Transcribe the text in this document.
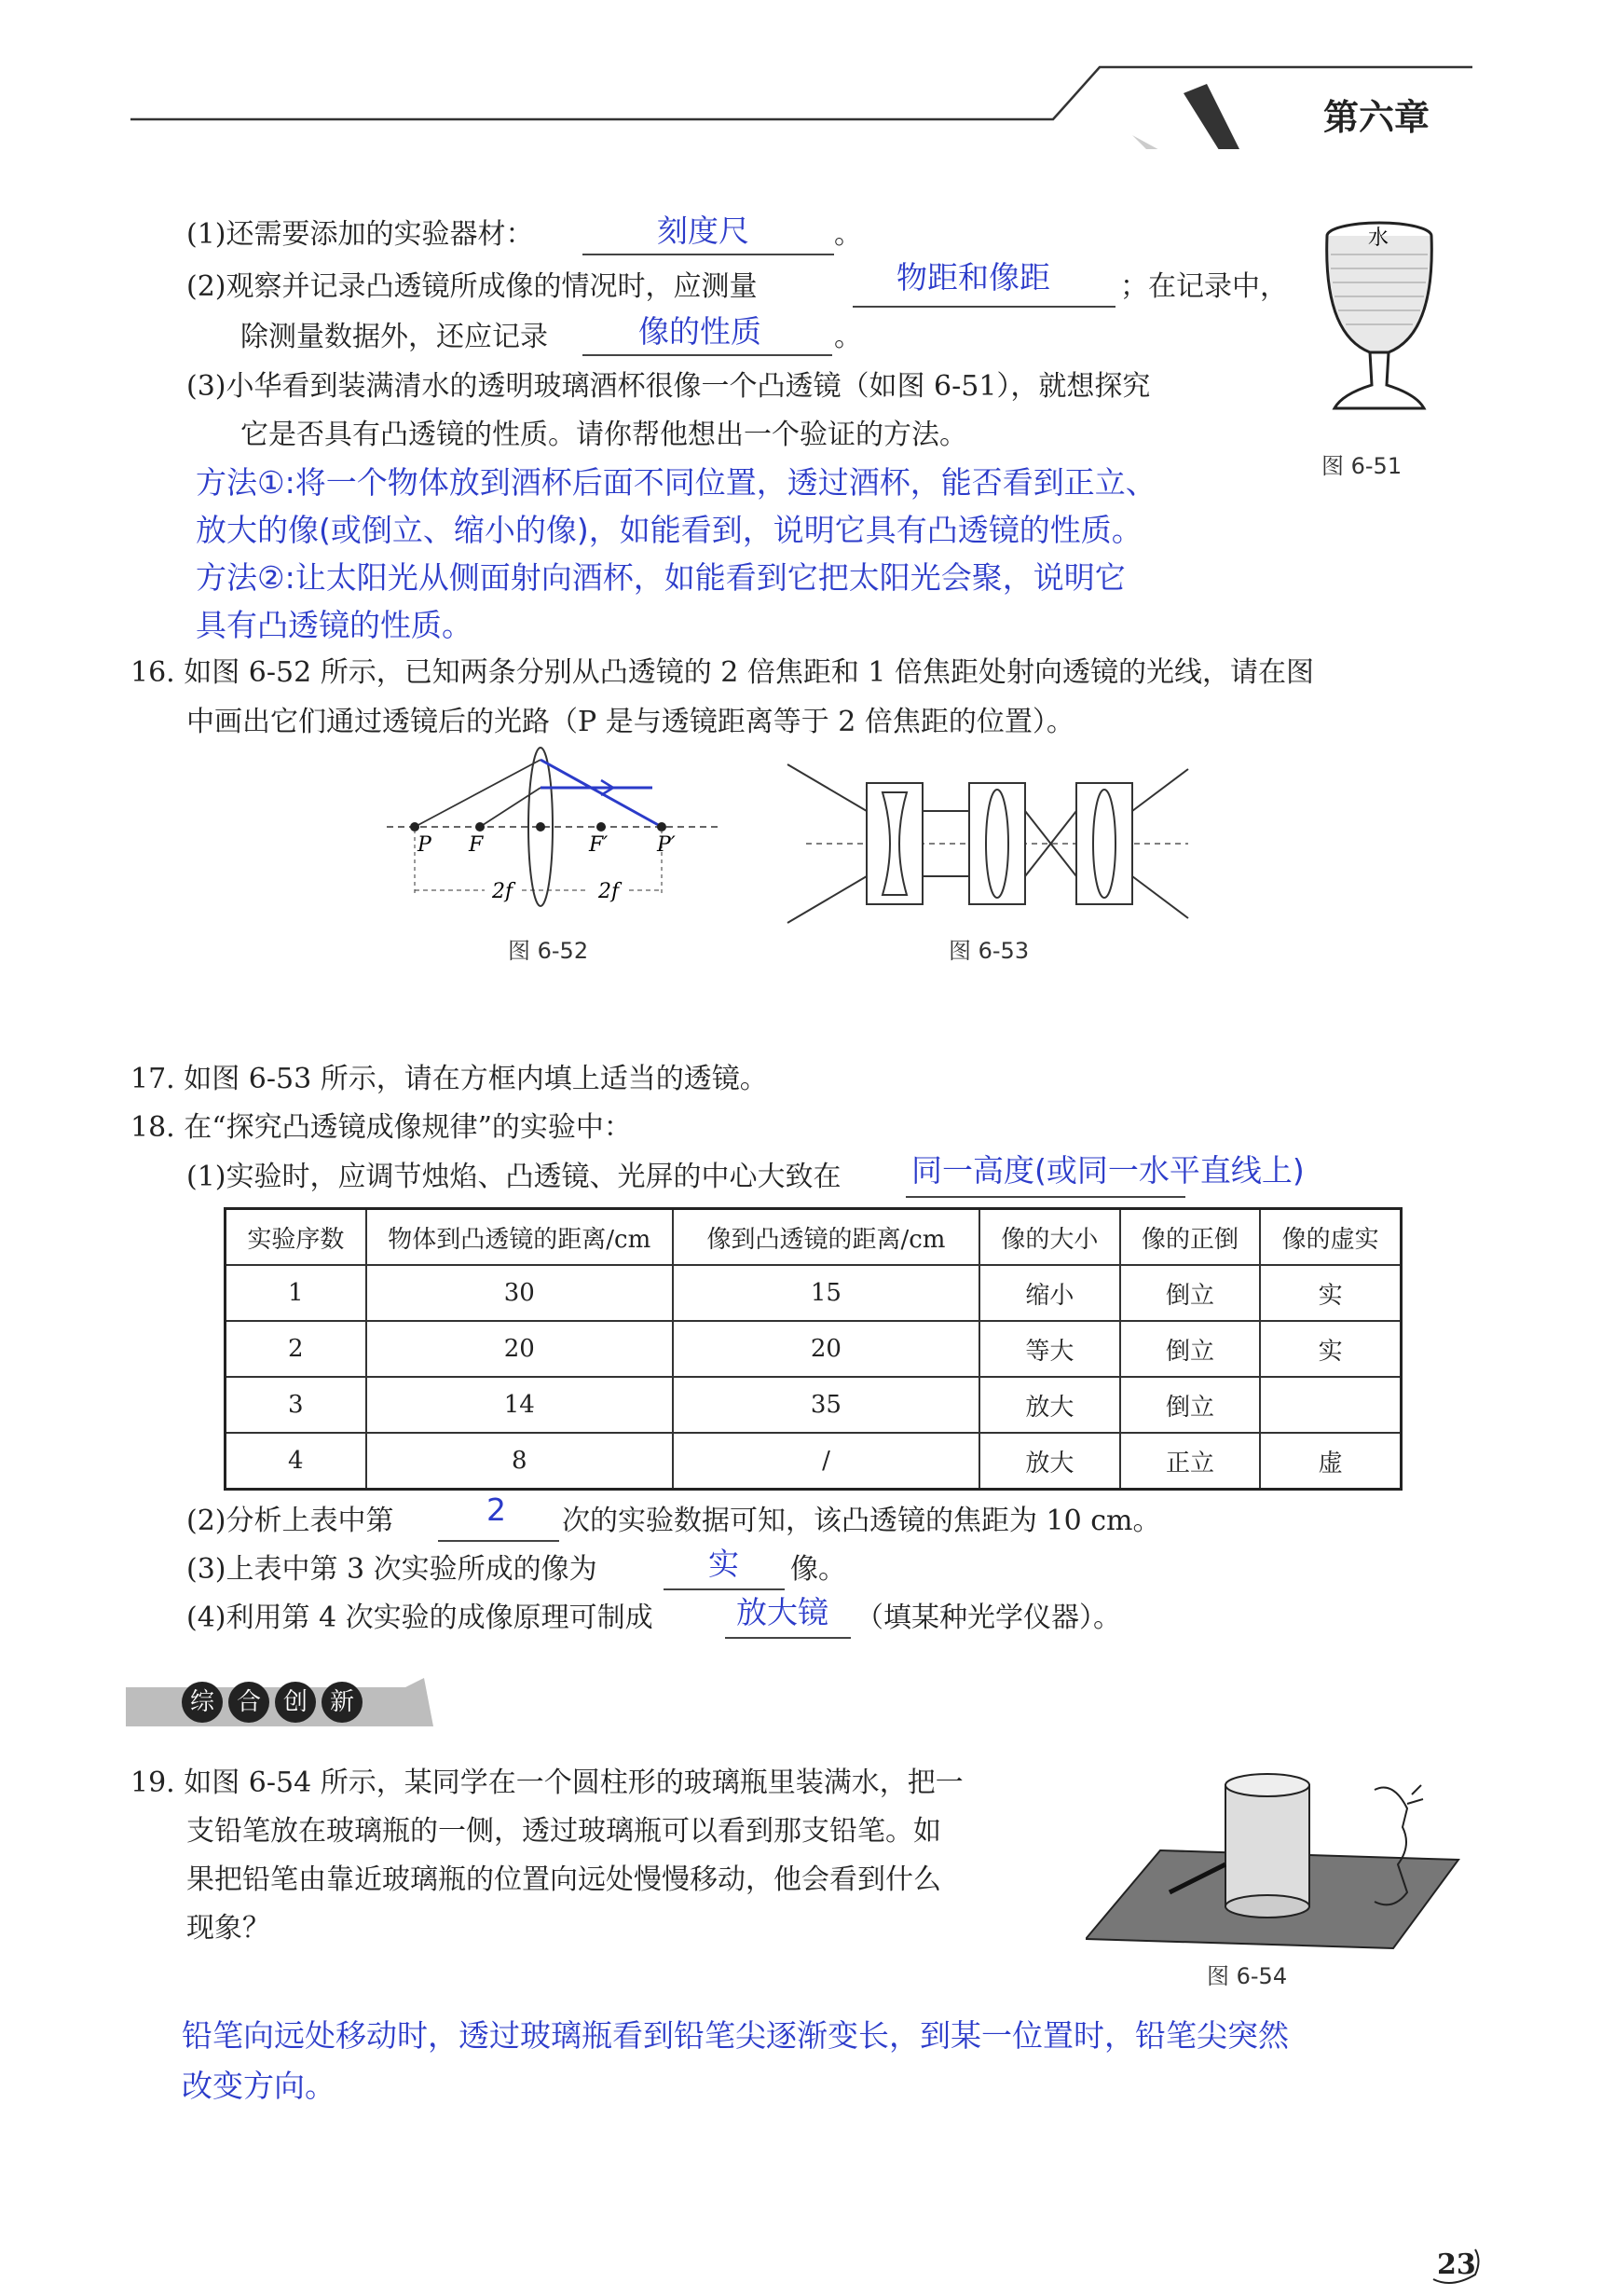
第六章
(1)还需要添加的实验器材：	刻度尺	。
(2)观察并记录凸透镜所成像的情况时，应测量	物距和像距	；在记录中，
除测量数据外，还应记录	像的性质	。
(3)小华看到装满清水的透明玻璃酒杯很像一个凸透镜（如图 6-51），就想探究
它是否具有凸透镜的性质。请你帮他想出一个验证的方法。
方法①:将一个物体放到酒杯后面不同位置，透过酒杯，能否看到正立、
放大的像(或倒立、缩小的像)，如能看到，说明它具有凸透镜的性质。
方法②:让太阳光从侧面射向酒杯，如能看到它把太阳光会聚，说明它
具有凸透镜的性质。
水
图 6-51
16. 如图 6-52 所示，已知两条分别从凸透镜的 2 倍焦距和 1 倍焦距处射向透镜的光线，请在图
中画出它们通过透镜后的光路（P 是与透镜距离等于 2 倍焦距的位置）。
P F	F′ P′
2f	2f
图 6-52	图 6-53
17. 如图 6-53 所示，请在方框内填上适当的透镜。
18. 在“探究凸透镜成像规律”的实验中：
(1)实验时，应调节烛焰、凸透镜、光屏的中心大致在 同一高度(或同一水平直线上)
实验序数	物体到凸透镜的距离/cm	像到凸透镜的距离/cm	像的大小	像的正倒	像的虚实
1	30	15	缩小	倒立	实
2	20	20	等大	倒立	实
3	14	35	放大	倒立	
4	8	/	放大	正立	虚
(2)分析上表中第	2 次的实验数据可知，该凸透镜的焦距为 10 cm。
(3)上表中第 3 次实验所成的像为	实 像。
(4)利用第 4 次实验的成像原理可制成	放大镜 （填某种光学仪器）。
综 合 创 新
19. 如图 6-54 所示，某同学在一个圆柱形的玻璃瓶里装满水，把一
支铅笔放在玻璃瓶的一侧，透过玻璃瓶可以看到那支铅笔。如
果把铅笔由靠近玻璃瓶的位置向远处慢慢移动，他会看到什么
现象？
图 6-54
铅笔向远处移动时，透过玻璃瓶看到铅笔尖逐渐变长，到某一位置时，铅笔尖突然
改变方向。
23
